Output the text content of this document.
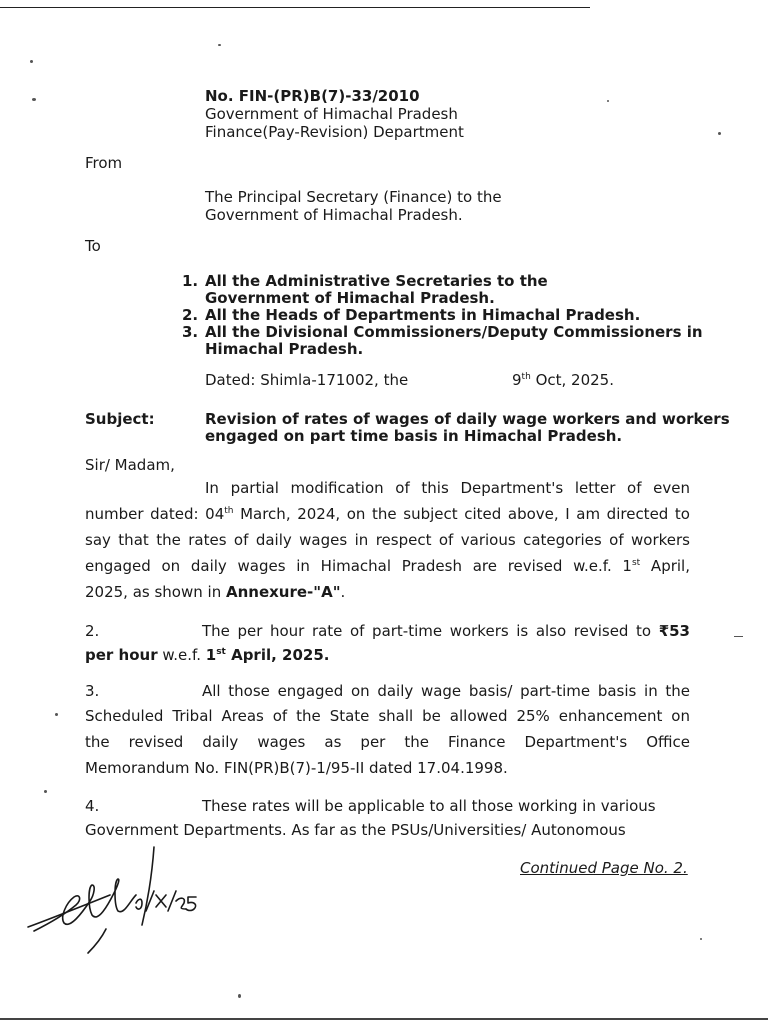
No. FIN-(PR)B(7)-33/2010
Government of Himachal Pradesh
Finance(Pay-Revision) Department
From
The Principal Secretary (Finance) to the
Government of Himachal Pradesh.
To
1. All the Administrative Secretaries to the
Government of Himachal Pradesh.
2. All the Heads of Departments in Himachal Pradesh.
3. All the Divisional Commissioners/Deputy Commissioners in
Himachal Pradesh.
Dated: Shimla-171002, the	9th Oct, 2025.
Subject:	Revision of rates of wages of daily wage workers and workers
engaged on part time basis in Himachal Pradesh.
Sir/ Madam,
In partial modification of this Department's letter of even
number dated: 04th March, 2024, on the subject cited above, I am directed to
say that the rates of daily wages in respect of various categories of workers
engaged on daily wages in Himachal Pradesh are revised w.e.f. 1st April,
2025, as shown in Annexure-"A".
2.	The per hour rate of part-time workers is also revised to ₹53
per hour w.e.f. 1st April, 2025.
3.	All those engaged on daily wage basis/ part-time basis in the
Scheduled Tribal Areas of the State shall be allowed 25% enhancement on
the revised daily wages as per the Finance Department's Office
Memorandum No. FIN(PR)B(7)-1/95-II dated 17.04.1998.
4.	These rates will be applicable to all those working in various
Government Departments. As far as the PSUs/Universities/ Autonomous
Continued Page No. 2.
